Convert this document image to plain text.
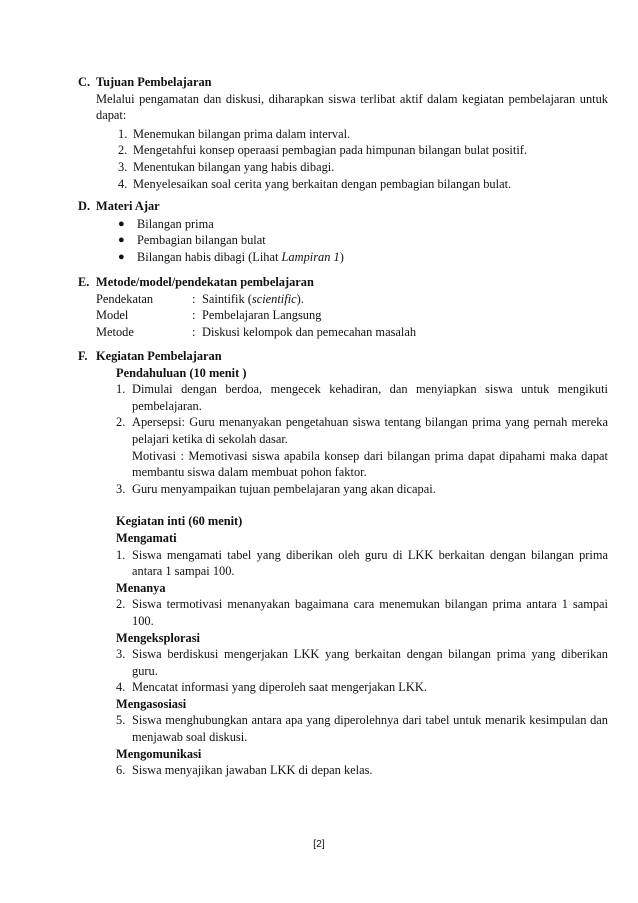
C. Tujuan Pembelajaran
Melalui pengamatan dan diskusi, diharapkan siswa terlibat aktif dalam kegiatan pembelajaran untuk dapat:
1. Menemukan bilangan prima dalam interval.
2. Mengetahfui konsep operaasi pembagian pada himpunan bilangan bulat positif.
3. Menentukan bilangan yang habis dibagi.
4. Menyelesaikan soal cerita yang berkaitan dengan pembagian bilangan bulat.
D. Materi Ajar
● Bilangan prima
● Pembagian bilangan bulat
● Bilangan habis dibagi (Lihat Lampiran 1)
E. Metode/model/pendekatan pembelajaran
Pendekatan	: Saintifik (scientific).
Model	: Pembelajaran Langsung
Metode	: Diskusi kelompok dan pemecahan masalah
F. Kegiatan Pembelajaran
Pendahuluan (10 menit )
1. Dimulai dengan berdoa, mengecek kehadiran, dan menyiapkan siswa untuk mengikuti pembelajaran.
2. Apersepsi: Guru menanyakan pengetahuan siswa tentang bilangan prima yang pernah mereka pelajari ketika di sekolah dasar.
Motivasi : Memotivasi siswa apabila konsep dari bilangan prima dapat dipahami maka dapat membantu siswa dalam membuat pohon faktor.
3. Guru menyampaikan tujuan pembelajaran yang akan dicapai.
Kegiatan inti (60 menit)
Mengamati
1. Siswa mengamati tabel yang diberikan oleh guru di LKK berkaitan dengan bilangan prima antara 1 sampai 100.
Menanya
2. Siswa termotivasi menanyakan bagaimana cara menemukan bilangan prima antara 1 sampai 100.
Mengeksplorasi
3. Siswa berdiskusi mengerjakan LKK yang berkaitan dengan bilangan prima yang diberikan guru.
4. Mencatat informasi yang diperoleh saat mengerjakan LKK.
Mengasosiasi
5. Siswa menghubungkan antara apa yang diperolehnya dari tabel untuk menarik kesimpulan dan menjawab soal diskusi.
Mengomunikasi
6. Siswa menyajikan jawaban LKK di depan kelas.
[2]
